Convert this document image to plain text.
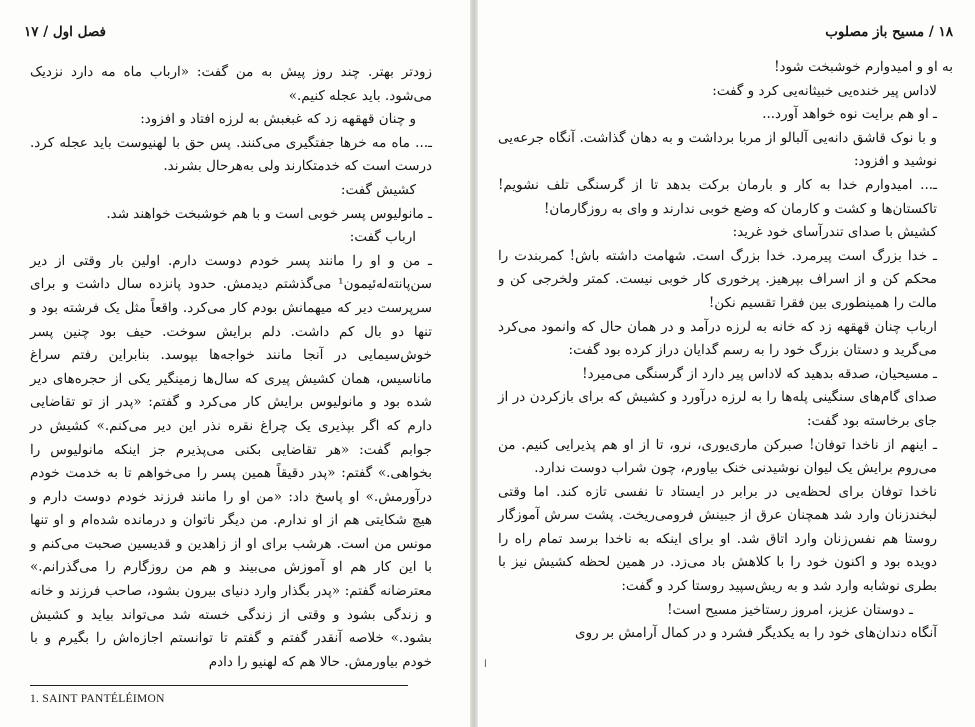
فصل اول / ۱۷

زودتر بهتر. چند روز پیش به من گفت: «ارباب ماه مه دارد نزدیک می‌شود. باید عجله کنیم.»

و چنان قهقهه زد که غبغبش به لرزه افتاد و افزود:

ـ... ماه مه خرها جفتگیری می‌کنند. پس حق با لهنیوست باید عجله کرد. درست است که خدمتکارند ولی به‌هرحال بشرند.

کشیش گفت:

ـ مانولیوس پسر خوبی است و با هم خوشبخت خواهند شد.

ارباب گفت:

ـ من و او را مانند پسر خودم دوست دارم. اولین بار وقتی از دیر سن‌پانته‌له‌ئیمون¹ می‌گذشتم دیدمش. حدود پانزده سال داشت و برای سرپرست دیر که میهمانش بودم کار می‌کرد. واقعاً مثل یک فرشته بود و تنها دو بال کم داشت. دلم برایش سوخت. حیف بود چنین پسر خوش‌سیمایی در آنجا مانند خواجه‌ها بپوسد. بنابراین رفتم سراغ ماناسیس، همان کشیش پیری که سال‌ها زمینگیر یکی از حجره‌های دیر شده بود و مانولیوس برایش کار می‌کرد و گفتم: «پدر از تو تقاضایی دارم که اگر بپذیری یک چراغ نقره نذر این دیر می‌کنم.» کشیش در جوابم گفت: «هر تقاضایی بکنی می‌پذیرم جز اینکه مانولیوس را بخواهی.» گفتم: «پدر دقیقاً همین پسر را می‌خواهم تا به خدمت خودم درآورمش.» او پاسخ داد: «من او را مانند فرزند خودم دوست دارم و هیچ شکایتی هم از او ندارم. من دیگر ناتوان و درمانده شده‌ام و او تنها مونس من است. هرشب برای او از زاهدین و قدیسین صحبت می‌کنم و با این کار هم او آموزش می‌بیند و هم من روزگارم را می‌گذرانم.» معترضانه گفتم: «پدر بگذار وارد دنیای بیرون بشود، صاحب فرزند و خانه و زندگی بشود و وقتی از زندگی خسته شد می‌تواند بیاید و کشیش بشود.» خلاصه آنقدر گفتم و گفتم تا توانستم اجازه‌اش را بگیرم و با خودم بیاورمش. حالا هم که لهنیو را دادم

1. SAINT PANTÉLÉIMON
۱۸ / مسیح باز مصلوب

به او و امیدوارم خوشبخت شود!

لاداس پیر خنده‌یی خبیثانه‌یی کرد و گفت:

ـ او هم برایت نوه خواهد آورد...

و با نوک قاشق دانه‌یی آلبالو از مربا برداشت و به دهان گذاشت. آنگاه جرعه‌یی نوشید و افزود:

ـ... امیدوارم خدا به کار و بارمان برکت بدهد تا از گرسنگی تلف نشویم! تاکستان‌ها و کشت و کارمان که وضع خوبی ندارند و وای به روزگارمان!

کشیش با صدای تندرآسای خود غرید:

ـ خدا بزرگ است پیرمرد. خدا بزرگ است. شهامت داشته باش! کمربندت را محکم کن و از اسراف بپرهیز. پرخوری کار خوبی نیست. کمتر ولخرجی کن و مالت را همینطوری بین فقرا تقسیم نکن!

ارباب چنان قهقهه زد که خانه به لرزه درآمد و در همان حال که وانمود می‌کرد می‌گرید و دستان بزرگ خود را به رسم گدایان دراز کرده بود گفت:

ـ مسیحیان، صدقه بدهید که لاداس پیر دارد از گرسنگی می‌میرد!

صدای گام‌های سنگینی پله‌ها را به لرزه درآورد و کشیش که برای بازکردن در از جای برخاسته بود گفت:

ـ اینهم از ناخدا توفان! صبرکن ماری‌یوری، نرو، تا از او هم پذیرایی کنیم. من می‌روم برایش یک لیوان نوشیدنی خنک بیاورم، چون شراب دوست ندارد.

ناخدا توفان برای لحظه‌یی در برابر در ایستاد تا نفسی تازه کند. اما وقتی لبخندزنان وارد شد همچنان عرق از جبینش فرومی‌ریخت. پشت سرش آموزگار روستا هم نفس‌زنان وارد اتاق شد. او برای اینکه به ناخدا برسد تمام راه را دویده بود و اکنون خود را با کلاهش باد می‌زد. در همین لحظه کشیش نیز با بطری نوشابه وارد شد و به ریش‌سپید روستا کرد و گفت:

ـ دوستان عزیز، امروز رستاخیز مسیح است!

آنگاه دندان‌های خود را به یکدیگر فشرد و در کمال آرامش بر روی

ا
